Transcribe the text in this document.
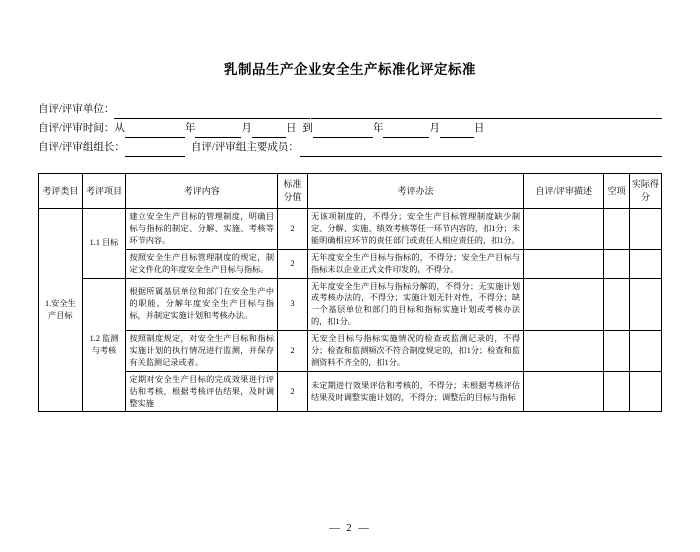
乳制品生产企业安全生产标准化评定标准
自评/评审单位：
自评/评审时间：从	年	月	日 到	年	月	日
自评/评审组组长：	自评/评审组主要成员：
考评类目	考评项目	考评内容	标准分值	考评办法	自评/评审描述	空项	实际得分
1.安全生产目标	1.1 目标	建立安全生产目标的管理制度，明确目标与指标的制定、分解、实施、考核等环节内容。	2	无该项制度的，不得分；安全生产目标管理制度缺少制定、分解、实施、绩效考核等任一环节内容的，扣1分；未能明确相应环节的责任部门或责任人相应责任的，扣1分。			
		按照安全生产目标管理制度的规定，制定文件化的年度安全生产目标与指标。	2	无年度安全生产目标与指标的，不得分；安全生产目标与指标未以企业正式文件印发的，不得分。			
	1.2 监测与考核	根据所属基层单位和部门在安全生产中的职能，分解年度安全生产目标与指标，并制定实施计划和考核办法。	3	无年度安全生产目标与指标分解的，不得分；无实施计划或考核办法的，不得分；实施计划无针对性，不得分；缺一个基层单位和部门的目标和指标实施计划或考核办法的，扣1分。			
		按照制度规定，对安全生产目标和指标实施计划的执行情况进行监测，并保存有关监测记录或者。	2	无安全目标与指标实施情况的检查或监测记录的，不得分；检查和监测频次不符合制度规定的，扣1分；检查和监测资料不齐全的，扣1分。			
		定期对安全生产目标的完成效果进行评估和考核，根据考核评估结果，及时调整实施	2	未定期进行效果评估和考核的，不得分；未根据考核评估结果及时调整实施计划的，不得分；调整后的目标与指标			
— 2 —
